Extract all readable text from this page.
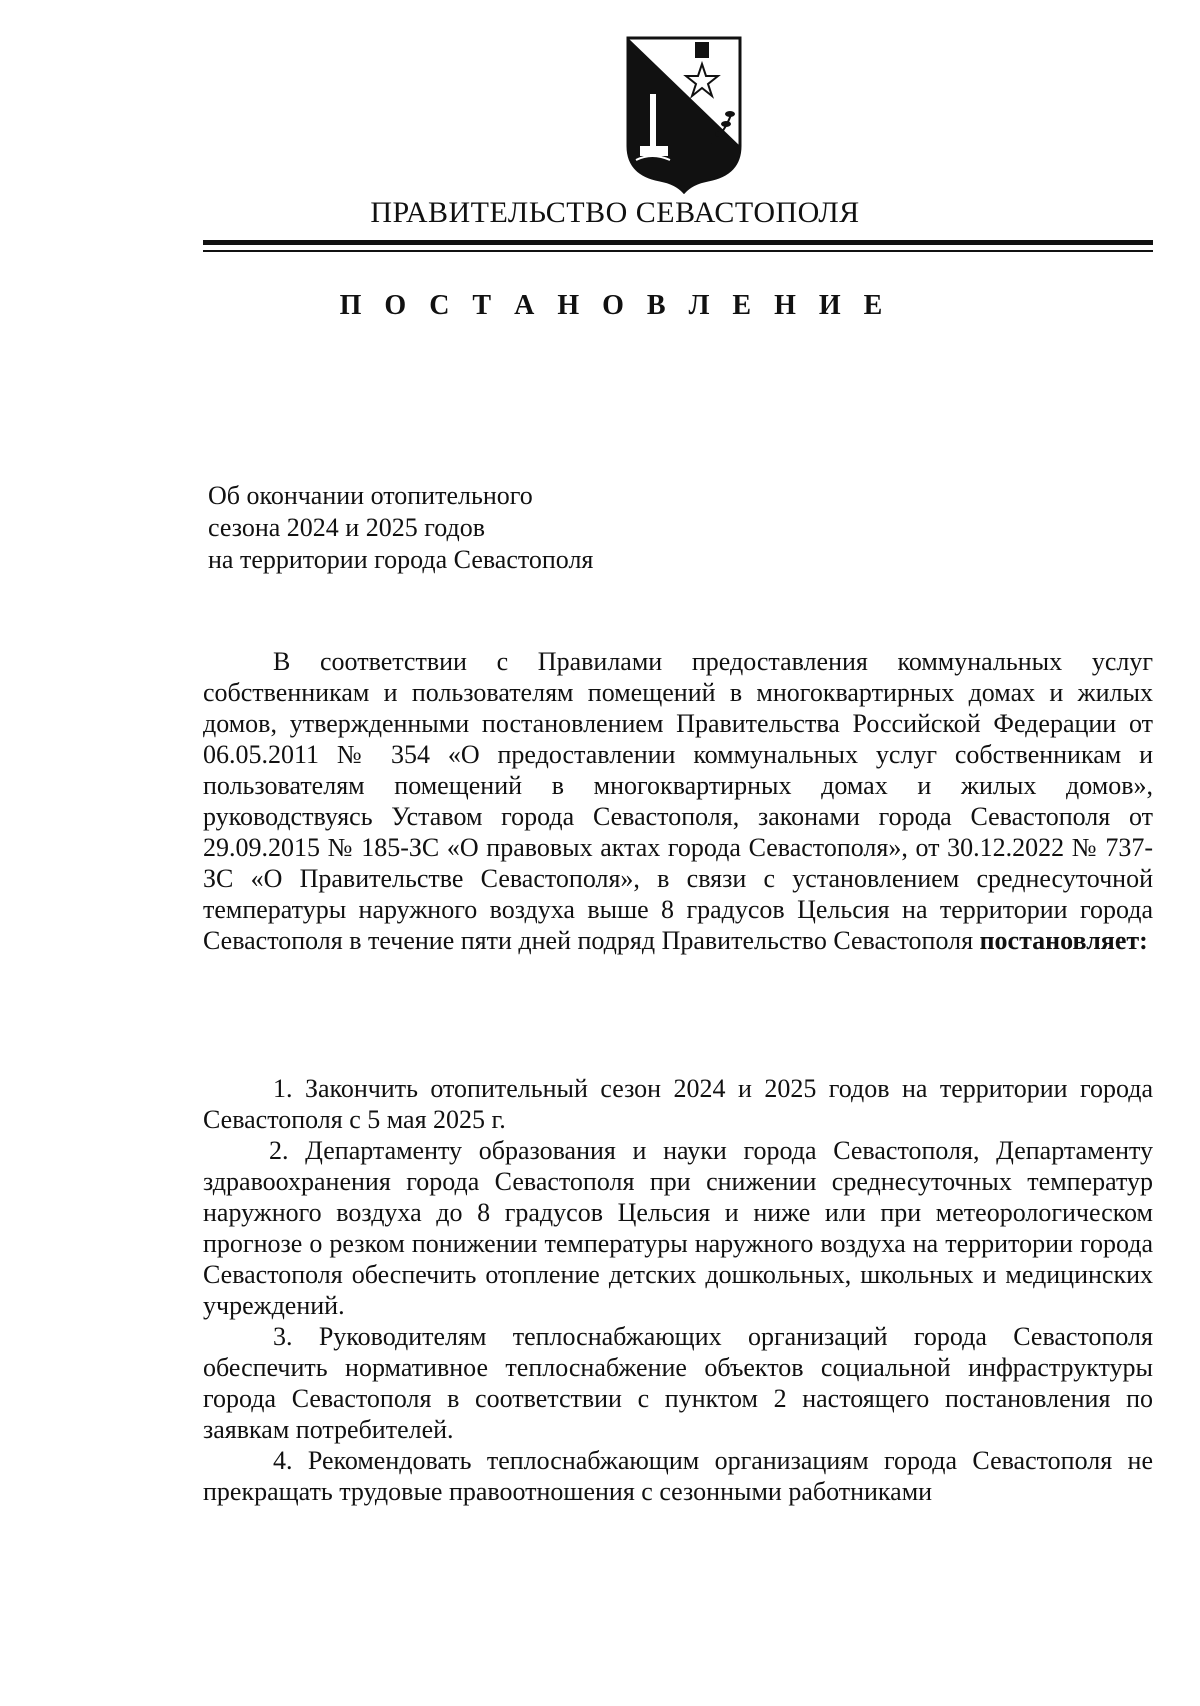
ПРАВИТЕЛЬСТВО СЕВАСТОПОЛЯ
П О С Т А Н О В Л Е Н И Е
Об окончании отопительного
сезона 2024 и 2025 годов
на территории города Севастополя

В соответствии с Правилами предоставления коммунальных услуг собственникам и пользователям помещений в многоквартирных домах и жилых домов, утвержденными постановлением Правительства Российской Федерации от 06.05.2011 № 354 «О предоставлении коммунальных услуг собственникам и пользователям помещений в многоквартирных домах и жилых домов», руководствуясь Уставом города Севастополя, законами города Севастополя от 29.09.2015 № 185-ЗС «О правовых актах города Севастополя», от 30.12.2022 № 737-ЗС «О Правительстве Севастополя», в связи с установлением среднесуточной температуры наружного воздуха выше 8 градусов Цельсия на территории города Севастополя в течение пяти дней подряд Правительство Севастополя постановляет:

1. Закончить отопительный сезон 2024 и 2025 годов на территории города Севастополя с 5 мая 2025 г.

2. Департаменту образования и науки города Севастополя, Департаменту здравоохранения города Севастополя при снижении среднесуточных температур наружного воздуха до 8 градусов Цельсия и ниже или при метеорологическом прогнозе о резком понижении температуры наружного воздуха на территории города Севастополя обеспечить отопление детских дошкольных, школьных и медицинских учреждений.

3. Руководителям теплоснабжающих организаций города Севастополя обеспечить нормативное теплоснабжение объектов социальной инфраструктуры города Севастополя в соответствии с пунктом 2 настоящего постановления по заявкам потребителей.

4. Рекомендовать теплоснабжающим организациям города Севастополя не прекращать трудовые правоотношения с сезонными работниками
